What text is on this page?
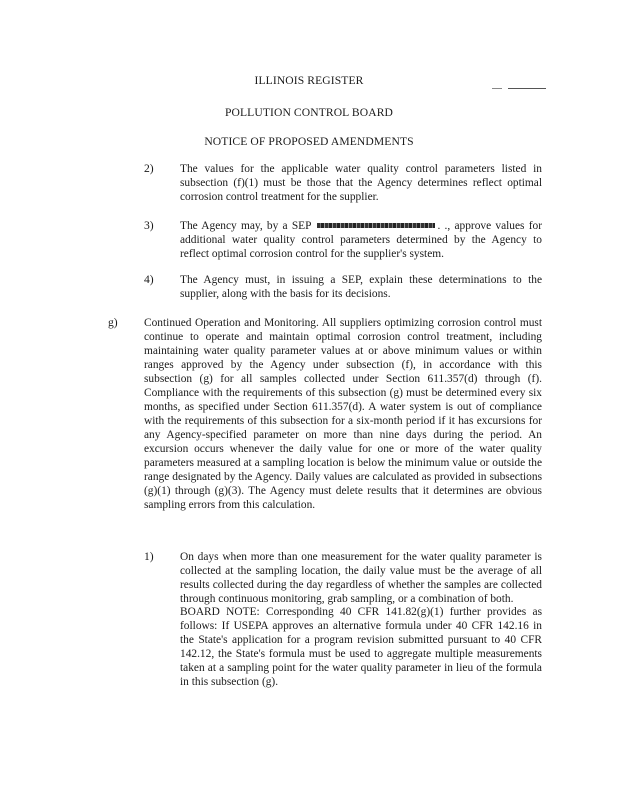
ILLINOIS REGISTER
POLLUTION CONTROL BOARD
NOTICE OF PROPOSED AMENDMENTS
2) The values for the applicable water quality control parameters listed in subsection (f)(1) must be those that the Agency determines reflect optimal corrosion control treatment for the supplier.
3) The Agency may, by a SEP	. ., approve values for additional water quality control parameters determined by the Agency to reflect optimal corrosion control for the supplier's system.
4) The Agency must, in issuing a SEP, explain these determinations to the supplier, along with the basis for its decisions.
g) Continued Operation and Monitoring. All suppliers optimizing corrosion control must continue to operate and maintain optimal corrosion control treatment, including maintaining water quality parameter values at or above minimum values or within ranges approved by the Agency under subsection (f), in accordance with this subsection (g) for all samples collected under Section 611.357(d) through (f). Compliance with the requirements of this subsection (g) must be determined every six months, as specified under Section 611.357(d). A water system is out of compliance with the requirements of this subsection for a six-month period if it has excursions for any Agency-specified parameter on more than nine days during the period. An excursion occurs whenever the daily value for one or more of the water quality parameters measured at a sampling location is below the minimum value or outside the range designated by the Agency. Daily values are calculated as provided in subsections (g)(1) through (g)(3). The Agency must delete results that it determines are obvious sampling errors from this calculation.
1) On days when more than one measurement for the water quality parameter is collected at the sampling location, the daily value must be the average of all results collected during the day regardless of whether the samples are collected through continuous monitoring, grab sampling, or a combination of both.
BOARD NOTE: Corresponding 40 CFR 141.82(g)(1) further provides as follows: If USEPA approves an alternative formula under 40 CFR 142.16 in the State's application for a program revision submitted pursuant to 40 CFR 142.12, the State's formula must be used to aggregate multiple measurements taken at a sampling point for the water quality parameter in lieu of the formula in this subsection (g).
